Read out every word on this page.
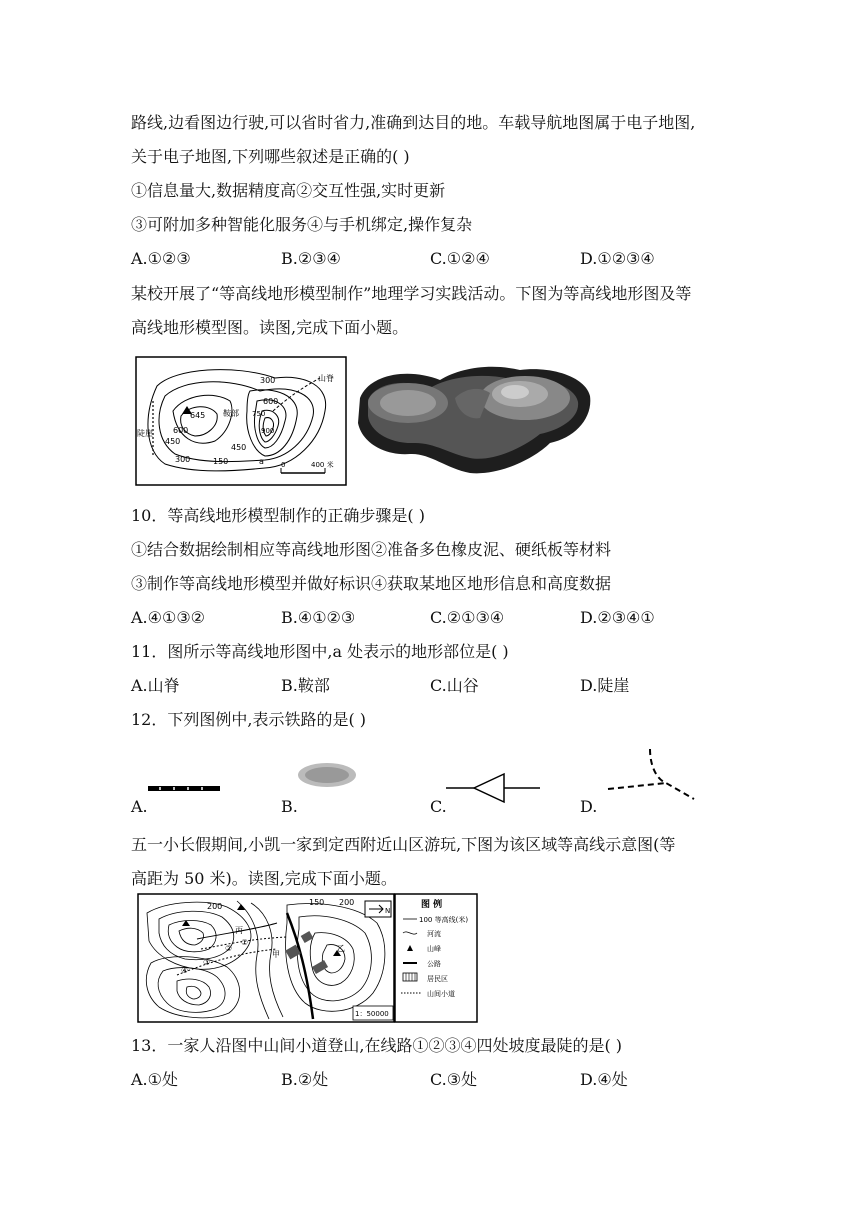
路线,边看图边行驶,可以省时省力,准确到达目的地。车载导航地图属于电子地图,
关于电子地图,下列哪些叙述是正确的( )
①信息量大,数据精度高②交互性强,实时更新
③可附加多种智能化服务④与手机绑定,操作复杂
A.①②③	B.②③④	C.①②④	D.①②③④
某校开展了“等高线地形模型制作”地理学习实践活动。下图为等高线地形图及等
高线地形模型图。读图,完成下面小题。
山脊
陡崖
鞍部
645
600
450
300
300
600
750
900
450
150	a 0	400 米
10．等高线地形模型制作的正确步骤是( )
①结合数据绘制相应等高线地形图②准备多色橡皮泥、硬纸板等材料
③制作等高线地形模型并做好标识④获取某地区地形信息和高度数据
A.④①③②	B.④①②③	C.②①③④	D.②③④①
11．图所示等高线地形图中,a 处表示的地形部位是( )
A.山脊	B.鞍部	C.山谷	D.陡崖
12．下列图例中,表示铁路的是( )
A.	B.	C.	D.
五一小长假期间,小凯一家到定西附近山区游玩,下图为该区域等高线示意图(等
高距为 50 米)。读图,完成下面小题。
200	150 200
N
丙
甲
①
②
③
④
乙
1：50000
图 例
100 等高线(米)
河流
山峰
公路
居民区
山间小道
13．一家人沿图中山间小道登山,在线路①②③④四处坡度最陡的是( )
A.①处	B.②处	C.③处	D.④处
